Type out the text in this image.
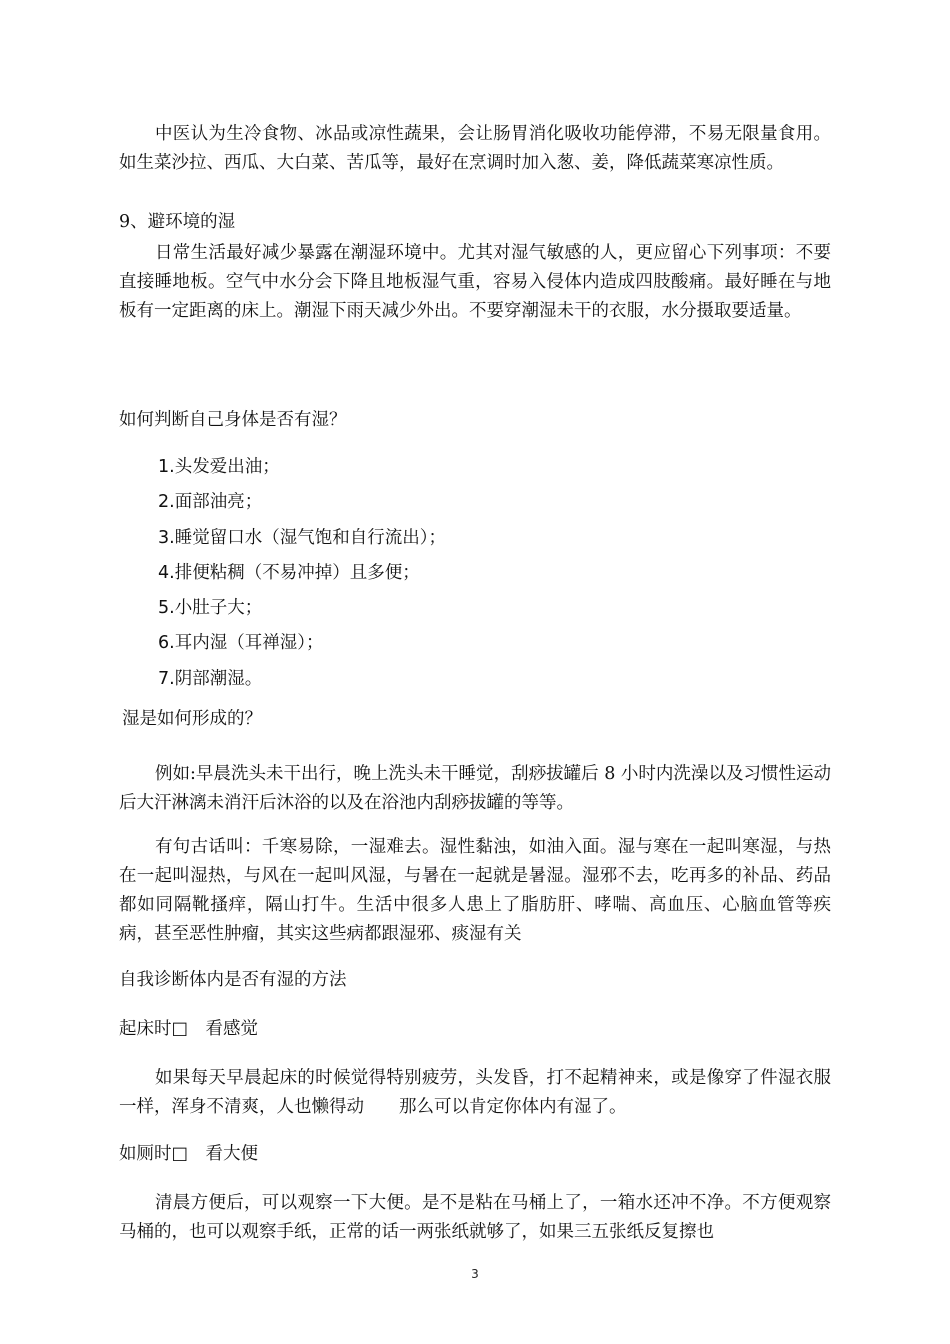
中医认为生冷食物、冰品或凉性蔬果，会让肠胃消化吸收功能停滞，不易无限量食用。如生菜沙拉、西瓜、大白菜、苦瓜等，最好在烹调时加入葱、姜，降低蔬菜寒凉性质。

9、避环境的湿

日常生活最好减少暴露在潮湿环境中。尤其对湿气敏感的人，更应留心下列事项：不要直接睡地板。空气中水分会下降且地板湿气重，容易入侵体内造成四肢酸痛。最好睡在与地板有一定距离的床上。潮湿下雨天减少外出。不要穿潮湿未干的衣服，水分摄取要适量。

如何判断自己身体是否有湿？

1.头发爱出油；
2.面部油亮；
3.睡觉留口水（湿气饱和自行流出）；
4.排便粘稠（不易冲掉）且多便；
5.小肚子大；
6.耳内湿（耳禅湿）；
7.阴部潮湿。

湿是如何形成的？

例如:早晨洗头未干出行，晚上洗头未干睡觉，刮痧拔罐后 8 小时内洗澡以及习惯性运动后大汗淋漓未消汗后沐浴的以及在浴池内刮痧拔罐的等等。

有句古话叫：千寒易除，一湿难去。湿性黏浊，如油入面。湿与寒在一起叫寒湿，与热在一起叫湿热，与风在一起叫风湿，与暑在一起就是暑湿。湿邪不去，吃再多的补品、药品都如同隔靴搔痒，隔山打牛。生活中很多人患上了脂肪肝、哮喘、高血压、心脑血管等疾病，甚至恶性肿瘤，其实这些病都跟湿邪、痰湿有关

自我诊断体内是否有湿的方法

起床时□　看感觉

如果每天早晨起床的时候觉得特别疲劳，头发昏，打不起精神来，或是像穿了件湿衣服一样，浑身不清爽，人也懒得动　　那么可以肯定你体内有湿了。

如厕时□　看大便

清晨方便后，可以观察一下大便。是不是粘在马桶上了，一箱水还冲不净。不方便观察马桶的，也可以观察手纸，正常的话一两张纸就够了，如果三五张纸反复擦也

3
